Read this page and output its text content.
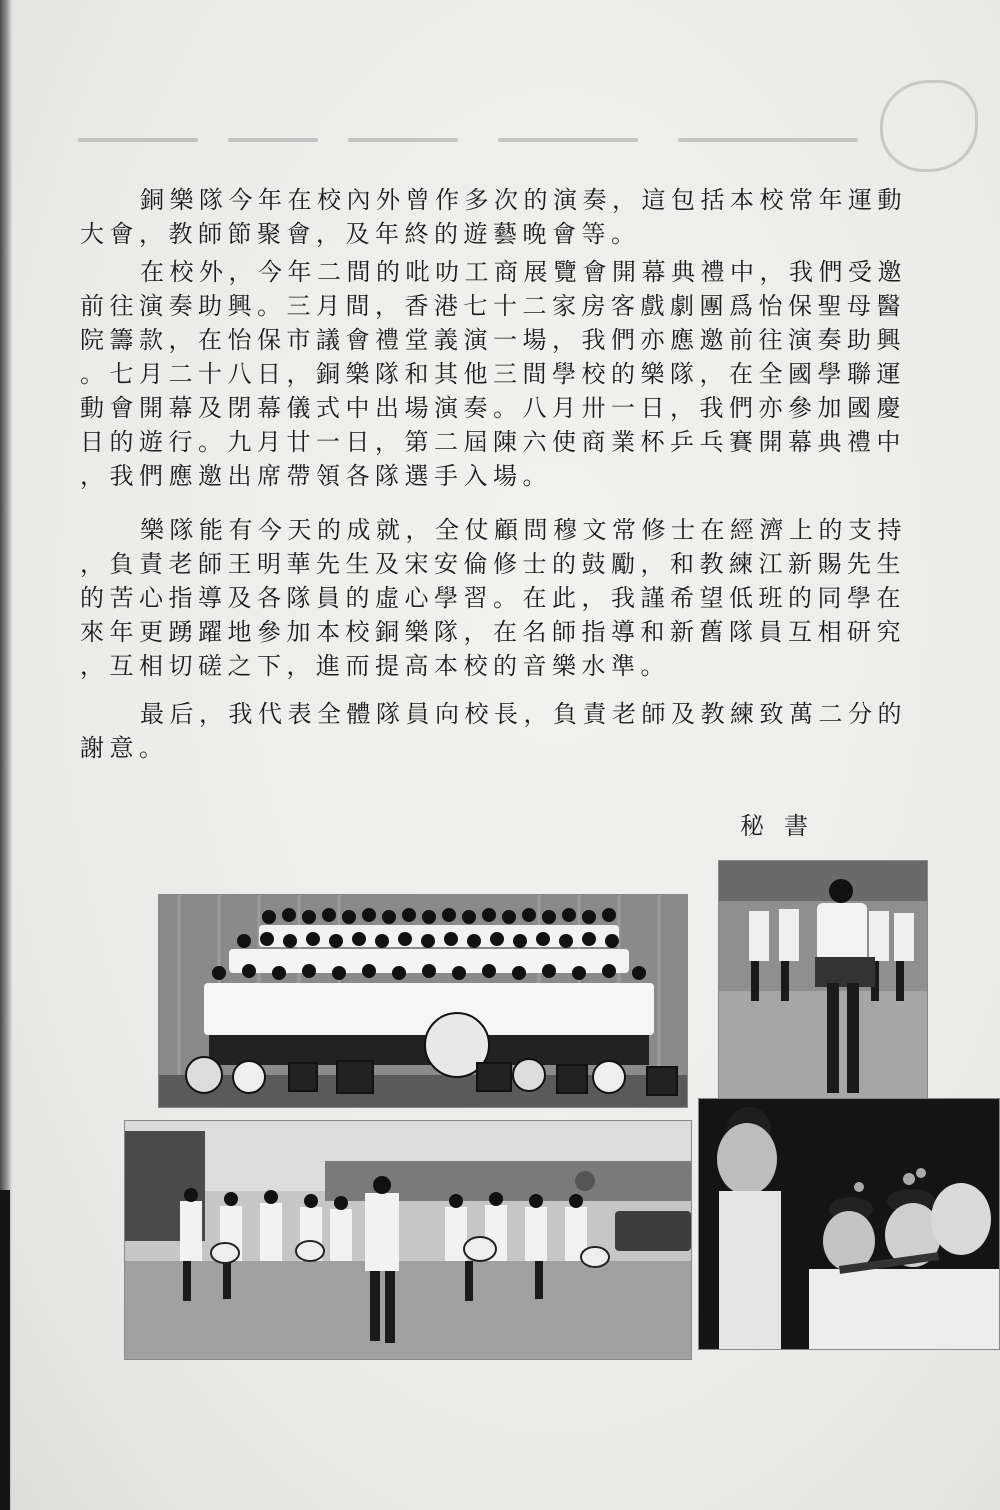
銅樂隊今年在校內外曾作多次的演奏，這包括本校常年運動
大會，教師節聚會，及年終的遊藝晚會等。
在校外，今年二間的吡叻工商展覽會開幕典禮中，我們受邀
前往演奏助興。三月間，香港七十二家房客戲劇團爲怡保聖母醫
院籌款，在怡保市議會禮堂義演一場，我們亦應邀前往演奏助興
。七月二十八日，銅樂隊和其他三間學校的樂隊，在全國學聯運
動會開幕及閉幕儀式中出場演奏。八月卅一日，我們亦參加國慶
日的遊行。九月廿一日，第二屆陳六使商業杯乒乓賽開幕典禮中
，我們應邀出席帶領各隊選手入場。
樂隊能有今天的成就，全仗顧問穆文常修士在經濟上的支持
，負責老師王明華先生及宋安倫修士的鼓勵，和教練江新賜先生
的苦心指導及各隊員的虛心學習。在此，我謹希望低班的同學在
來年更踴躍地參加本校銅樂隊，在名師指導和新舊隊員互相研究
，互相切磋之下，進而提高本校的音樂水準。
最后，我代表全體隊員向校長，負責老師及教練致萬二分的
謝意。
秘書
